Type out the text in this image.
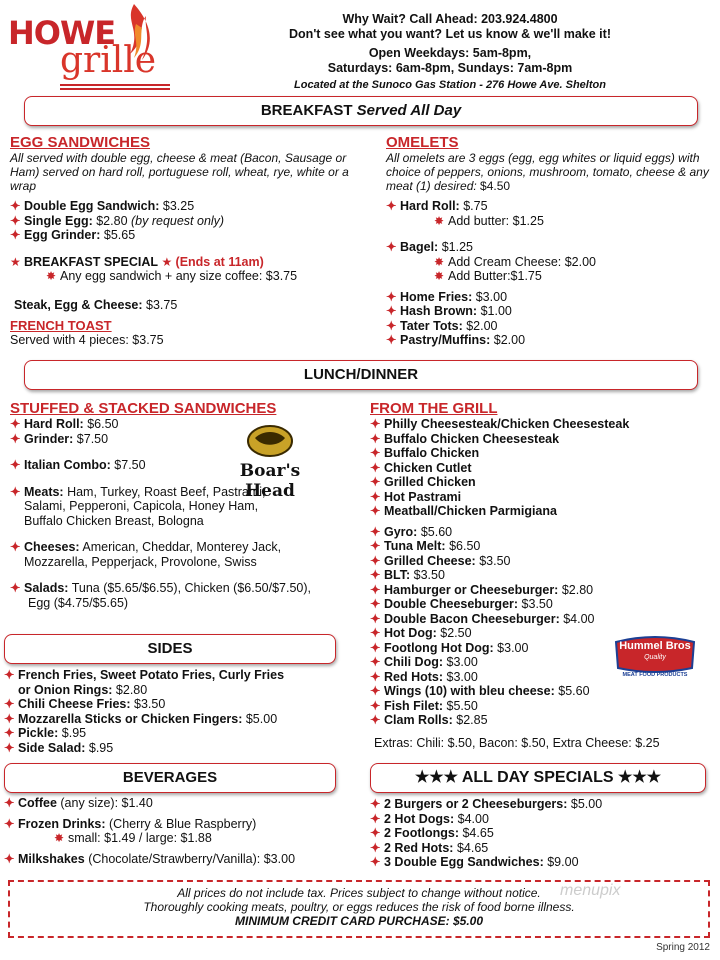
HOWE
grille
Why Wait? Call Ahead: 203.924.4800
Don't see what you want? Let us know & we'll make it!
Open Weekdays: 5am-8pm,
Saturdays: 6am-8pm, Sundays: 7am-8pm
Located at the Sunoco Gas Station - 276 Howe Ave. Shelton
BREAKFAST Served All Day
EGG SANDWICHES
All served with double egg, cheese & meat (Bacon, Sausage or Ham) served on hard roll, portuguese roll, wheat, rye, white or a wrap
✦ Double Egg Sandwich: $3.25
✦ Single Egg: $2.80 (by request only)
✦ Egg Grinder: $5.65
★ BREAKFAST SPECIAL ★ (Ends at 11am)
✸ Any egg sandwich + any size coffee: $3.75
Steak, Egg & Cheese: $3.75
FRENCH TOAST
Served with 4 pieces: $3.75
OMELETS
All omelets are 3 eggs (egg, egg whites or liquid eggs) with choice of peppers, onions, mushroom, tomato, cheese & any meat (1) desired: $4.50
✦ Hard Roll: $.75
✸ Add butter: $1.25
✦ Bagel: $1.25
✸ Add Cream Cheese: $2.00
✸ Add Butter:$1.75
✦ Home Fries: $3.00
✦ Hash Brown: $1.00
✦ Tater Tots: $2.00
✦ Pastry/Muffins: $2.00
LUNCH/DINNER
STUFFED & STACKED SANDWICHES
✦ Hard Roll: $6.50
✦ Grinder: $7.50
✦ Italian Combo: $7.50
✦ Meats: Ham, Turkey, Roast Beef, Pastrami,
Salami, Pepperoni, Capicola, Honey Ham,
Buffalo Chicken Breast, Bologna
✦ Cheeses: American, Cheddar, Monterey Jack,
Mozzarella, Pepperjack, Provolone, Swiss
✦ Salads: Tuna ($5.65/$6.55), Chicken ($6.50/$7.50),
Egg ($4.75/$5.65)
Boar's Head
SIDES
✦ French Fries, Sweet Potato Fries, Curly Fries
or Onion Rings: $2.80
✦ Chili Cheese Fries: $3.50
✦ Mozzarella Sticks or Chicken Fingers: $5.00
✦ Pickle: $.95
✦ Side Salad: $.95
BEVERAGES
✦ Coffee (any size): $1.40
✦ Frozen Drinks: (Cherry & Blue Raspberry)
✸ small: $1.49 / large: $1.88
✦ Milkshakes (Chocolate/Strawberry/Vanilla): $3.00
FROM THE GRILL
✦ Philly Cheesesteak/Chicken Cheesesteak
✦ Buffalo Chicken Cheesesteak
✦ Buffalo Chicken
✦ Chicken Cutlet
✦ Grilled Chicken
✦ Hot Pastrami
✦ Meatball/Chicken Parmigiana
✦ Gyro: $5.60
✦ Tuna Melt: $6.50
✦ Grilled Cheese: $3.50
✦ BLT: $3.50
✦ Hamburger or Cheeseburger: $2.80
✦ Double Cheeseburger: $3.50
✦ Double Bacon Cheeseburger: $4.00
✦ Hot Dog: $2.50
✦ Footlong Hot Dog: $3.00
✦ Chili Dog: $3.00
✦ Red Hots: $3.00
✦ Wings (10) with bleu cheese: $5.60
✦ Fish Filet: $5.50
✦ Clam Rolls: $2.85
Extras: Chili: $.50, Bacon: $.50, Extra Cheese: $.25
Hummel Bros
Quality
MEAT FOOD PRODUCTS
★★★ ALL DAY SPECIALS ★★★
✦ 2 Burgers or 2 Cheeseburgers: $5.00
✦ 2 Hot Dogs: $4.00
✦ 2 Footlongs: $4.65
✦ 2 Red Hots: $4.65
✦ 3 Double Egg Sandwiches: $9.00
All prices do not include tax. Prices subject to change without notice.
Thoroughly cooking meats, poultry, or eggs reduces the risk of food borne illness.
MINIMUM CREDIT CARD PURCHASE: $5.00
menupix
Spring 2012
